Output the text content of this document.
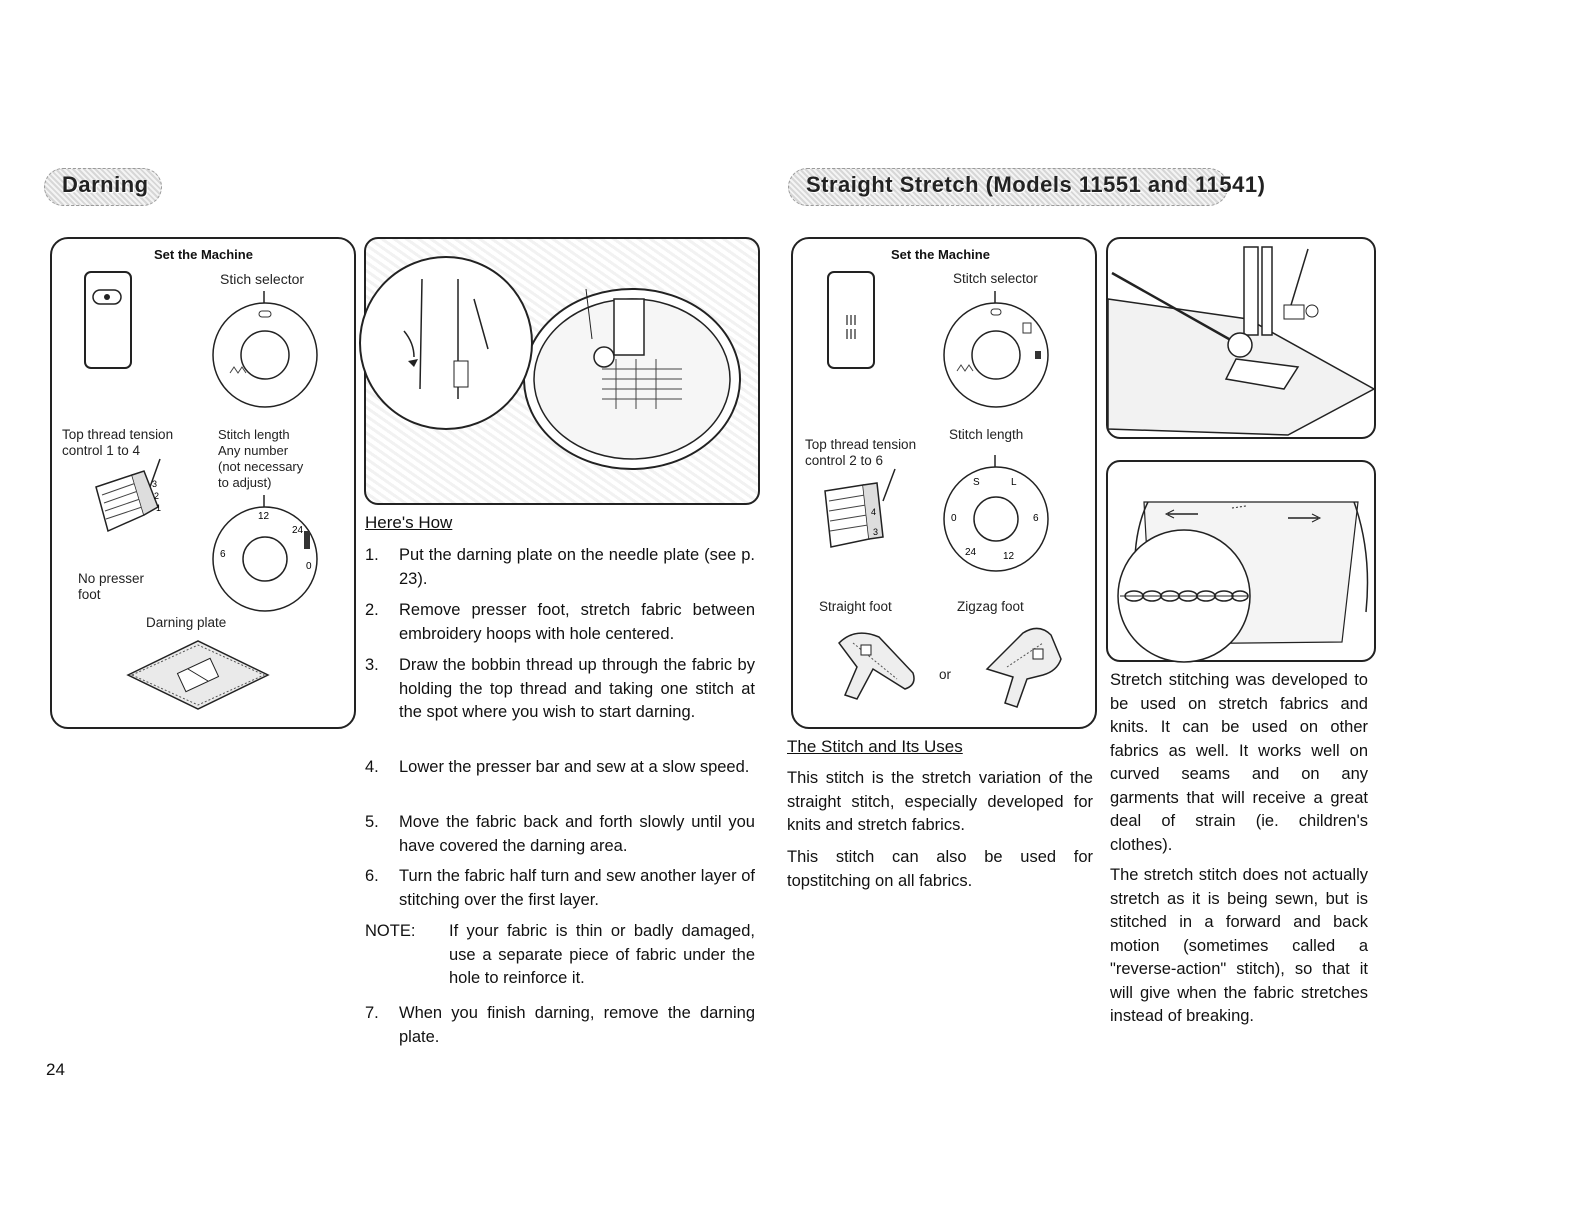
Darning
Set the Machine
Stich selector
Top thread tension
control 1 to 4
Stitch length
Any number
(not necessary
to adjust)
No presser
foot
Darning plate
3
2
1
12
24
6
0
Here's How
1. Put the darning plate on the needle plate (see p. 23).
2. Remove presser foot, stretch fabric between embroidery hoops with hole centered.
3. Draw the bobbin thread up through the fabric by holding the top thread and taking one stitch at the spot where you wish to start darning.
4. Lower the presser bar and sew at a slow speed.
5. Move the fabric back and forth slowly until you have covered the darning area.
6. Turn the fabric half turn and sew another layer of stitching over the first layer.
NOTE: If your fabric is thin or badly damaged, use a separate piece of fabric under the hole to reinforce it.
7. When you finish darning, remove the darning plate.
24
Straight Stretch (Models 11551 and 11541)
Set the Machine
Stitch selector
Top thread tension
control 2 to 6
Stitch length
Straight foot	Zigzag foot
or
4
3
S	L
0	6
24	12
The Stitch and Its Uses
This stitch is the stretch variation of the straight stitch, especially developed for knits and stretch fabrics.
This stitch can also be used for topstitching on all fabrics.
Stretch stitching was developed to be used on stretch fabrics and knits. It can be used on other fabrics as well. It works well on curved seams and on any garments that will receive a great deal of strain (ie. children's clothes).
The stretch stitch does not actually stretch as it is being sewn, but is stitched in a forward and back motion (sometimes called a "reverse-action" stitch), so that it will give when the fabric stretches instead of breaking.
